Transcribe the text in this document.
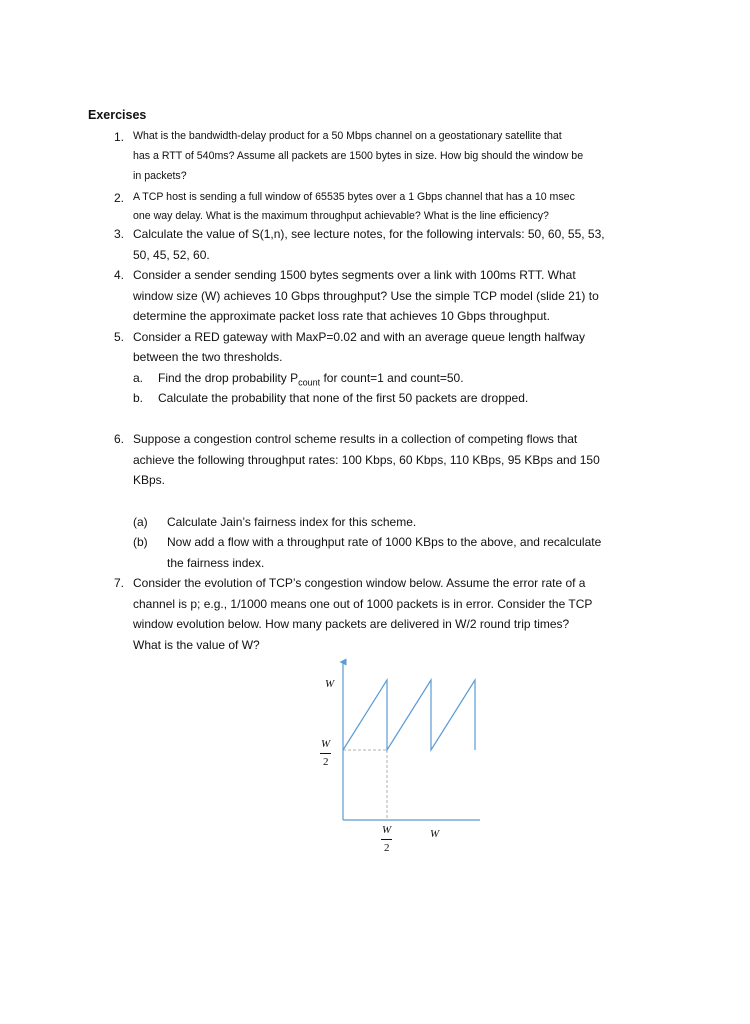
Exercises
1. What is the bandwidth-delay product for a 50 Mbps channel on a geostationary satellite that
has a RTT of 540ms? Assume all packets are 1500 bytes in size. How big should the window be
in packets?
2. A TCP host is sending a full window of 65535 bytes over a 1 Gbps channel that has a 10 msec
one way delay. What is the maximum throughput achievable? What is the line efficiency?
3. Calculate the value of S(1,n), see lecture notes, for the following intervals: 50, 60, 55, 53,
50, 45, 52, 60.
4. Consider a sender sending 1500 bytes segments over a link with 100ms RTT. What
window size (W) achieves 10 Gbps throughput? Use the simple TCP model (slide 21) to
determine the approximate packet loss rate that achieves 10 Gbps throughput.
5. Consider a RED gateway with MaxP=0.02 and with an average queue length halfway
between the two thresholds.
a. Find the drop probability $P_{count}$ for count=1 and count=50.
b. Calculate the probability that none of the first 50 packets are dropped.
6. Suppose a congestion control scheme results in a collection of competing flows that
achieve the following throughput rates: 100 Kbps, 60 Kbps, 110 KBps, 95 KBps and 150
KBps.
(a) Calculate Jain’s fairness index for this scheme.
(b) Now add a flow with a throughput rate of 1000 KBps to the above, and recalculate
the fairness index.
7. Consider the evolution of TCP’s congestion window below. Assume the error rate of a
channel is p; e.g., 1/1000 means one out of 1000 packets is in error. Consider the TCP
window evolution below. How many packets are delivered in W/2 round trip times?
What is the value of W?
W
W
2
W
2
W
